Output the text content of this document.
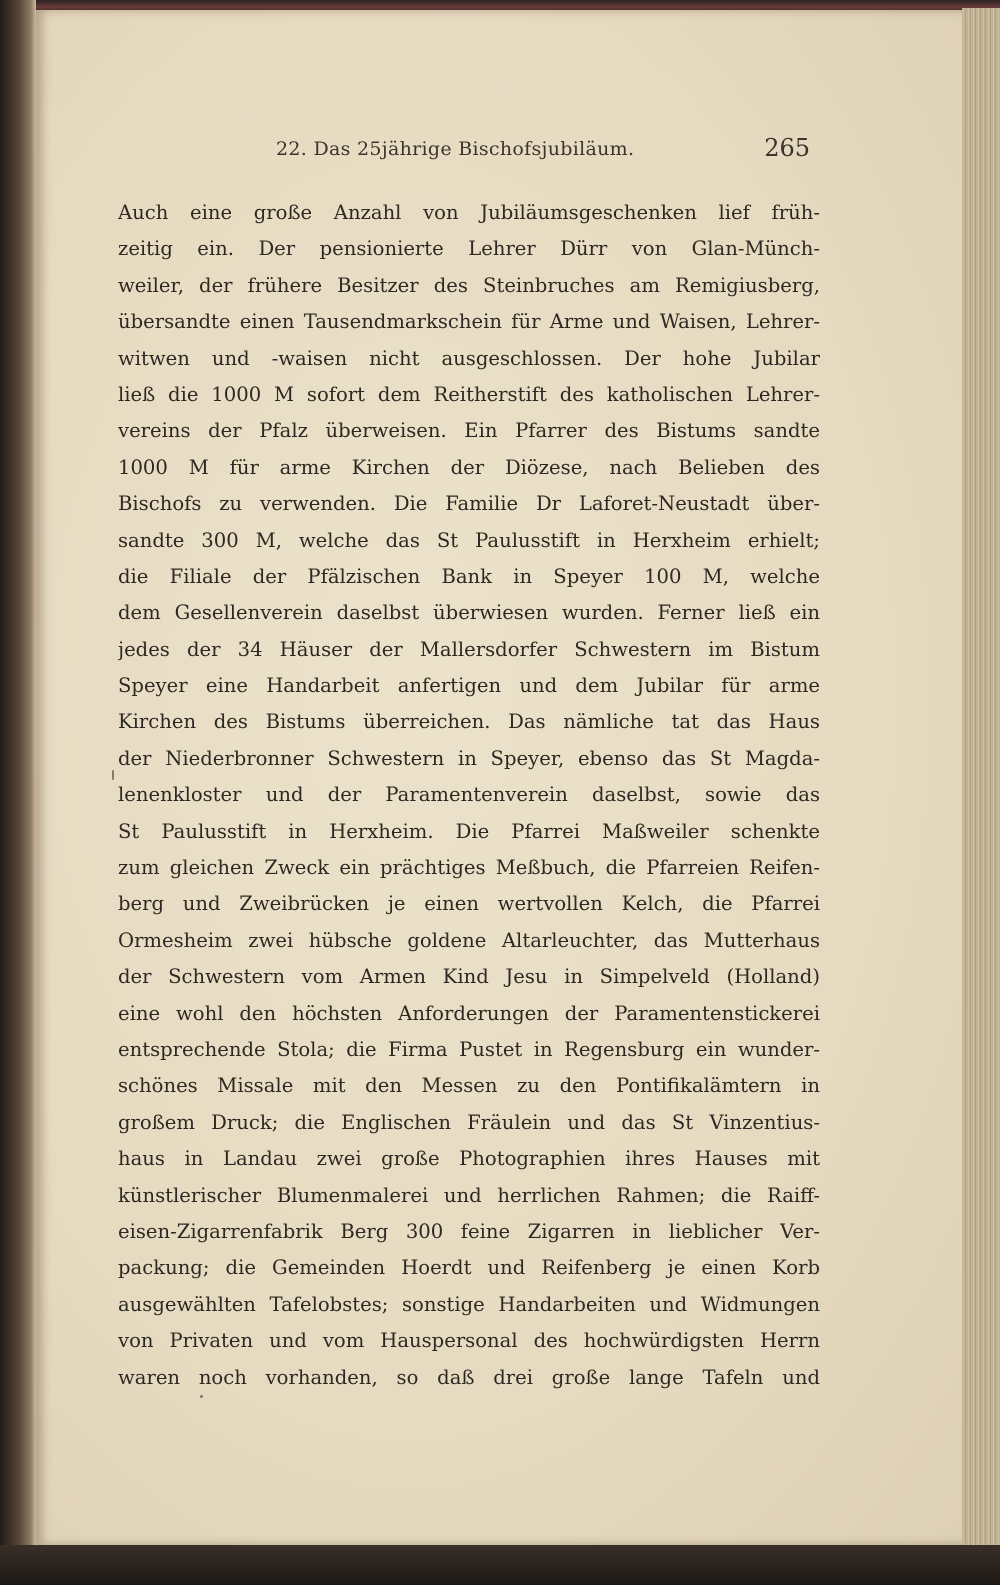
22. Das 25jährige Bischofsjubiläum.	265
Auch eine große Anzahl von Jubiläumsgeschenken lief früh-
zeitig ein. Der pensionierte Lehrer Dürr von Glan-Münch-
weiler, der frühere Besitzer des Steinbruches am Remigiusberg,
übersandte einen Tausendmarkschein für Arme und Waisen, Lehrer-
witwen und -waisen nicht ausgeschlossen. Der hohe Jubilar
ließ die 1000 M sofort dem Reitherstift des katholischen Lehrer-
vereins der Pfalz überweisen. Ein Pfarrer des Bistums sandte
1000 M für arme Kirchen der Diözese, nach Belieben des
Bischofs zu verwenden. Die Familie Dr Laforet-Neustadt über-
sandte 300 M, welche das St Paulusstift in Herxheim erhielt;
die Filiale der Pfälzischen Bank in Speyer 100 M, welche
dem Gesellenverein daselbst überwiesen wurden. Ferner ließ ein
jedes der 34 Häuser der Mallersdorfer Schwestern im Bistum
Speyer eine Handarbeit anfertigen und dem Jubilar für arme
Kirchen des Bistums überreichen. Das nämliche tat das Haus
der Niederbronner Schwestern in Speyer, ebenso das St Magda-
lenenkloster und der Paramentenverein daselbst, sowie das
St Paulusstift in Herxheim. Die Pfarrei Maßweiler schenkte
zum gleichen Zweck ein prächtiges Meßbuch, die Pfarreien Reifen-
berg und Zweibrücken je einen wertvollen Kelch, die Pfarrei
Ormesheim zwei hübsche goldene Altarleuchter, das Mutterhaus
der Schwestern vom Armen Kind Jesu in Simpelveld (Holland)
eine wohl den höchsten Anforderungen der Paramentenstickerei
entsprechende Stola; die Firma Pustet in Regensburg ein wunder-
schönes Missale mit den Messen zu den Pontifikalämtern in
großem Druck; die Englischen Fräulein und das St Vinzentius-
haus in Landau zwei große Photographien ihres Hauses mit
künstlerischer Blumenmalerei und herrlichen Rahmen; die Raiff-
eisen-Zigarrenfabrik Berg 300 feine Zigarren in lieblicher Ver-
packung; die Gemeinden Hoerdt und Reifenberg je einen Korb
ausgewählten Tafelobstes; sonstige Handarbeiten und Widmungen
von Privaten und vom Hauspersonal des hochwürdigsten Herrn
waren noch vorhanden, so daß drei große lange Tafeln und
